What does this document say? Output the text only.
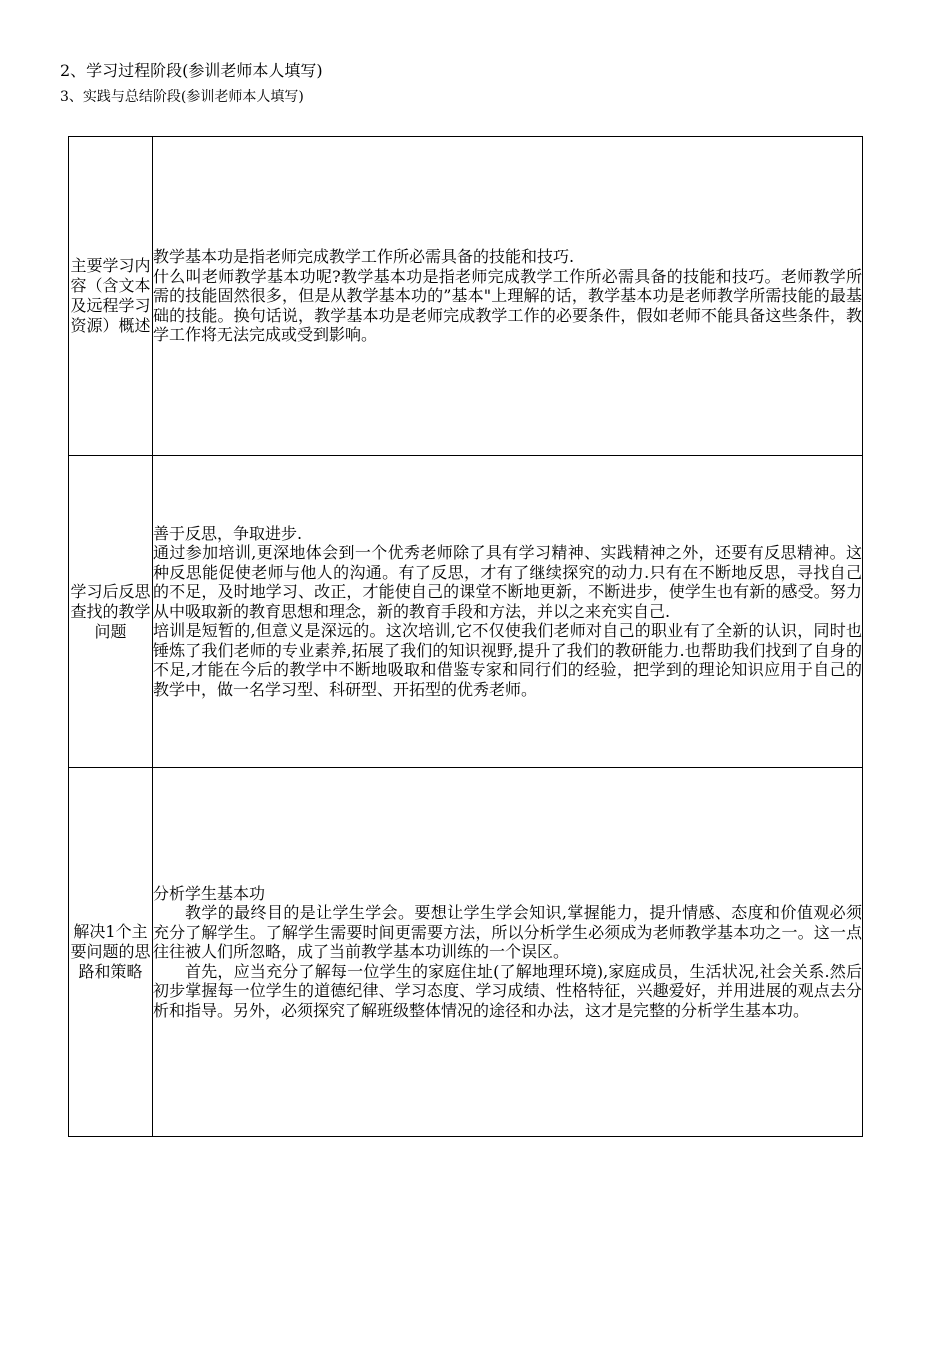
2、学习过程阶段(参训老师本人填写)
3、实践与总结阶段(参训老师本人填写)
主要学习内容（含文本及远程学习资源）概述	教学基本功是指老师完成教学工作所必需具备的技能和技巧.

什么叫老师教学基本功呢?教学基本功是指老师完成教学工作所必需具备的技能和技巧。老师教学所需的技能固然很多，但是从教学基本功的”基本"上理解的话，教学基本功是老师教学所需技能的最基础的技能。换句话说，教学基本功是老师完成教学工作的必要条件，假如老师不能具备这些条件，教学工作将无法完成或受到影响。

学习后反思查找的教学问题	善于反思，争取进步.

通过参加培训,更深地体会到一个优秀老师除了具有学习精神、实践精神之外，还要有反思精神。这种反思能促使老师与他人的沟通。有了反思，才有了继续探究的动力.只有在不断地反思，寻找自己的不足，及时地学习、改正，才能使自己的课堂不断地更新，不断进步，使学生也有新的感受。努力从中吸取新的教育思想和理念，新的教育手段和方法，并以之来充实自己.

培训是短暂的,但意义是深远的。这次培训,它不仅使我们老师对自己的职业有了全新的认识，同时也锤炼了我们老师的专业素养,拓展了我们的知识视野,提升了我们的教研能力.也帮助我们找到了自身的不足,才能在今后的教学中不断地吸取和借鉴专家和同行们的经验，把学到的理论知识应用于自己的教学中，做一名学习型、科研型、开拓型的优秀老师。

解决1个主要问题的思路和策略	分析学生基本功

教学的最终目的是让学生学会。要想让学生学会知识,掌握能力，提升情感、态度和价值观必须充分了解学生。了解学生需要时间更需要方法，所以分析学生必须成为老师教学基本功之一。这一点往往被人们所忽略，成了当前教学基本功训练的一个误区。

首先，应当充分了解每一位学生的家庭住址(了解地理环境),家庭成员，生活状况,社会关系.然后初步掌握每一位学生的道德纪律、学习态度、学习成绩、性格特征，兴趣爱好，并用进展的观点去分析和指导。另外，必须探究了解班级整体情况的途径和办法，这才是完整的分析学生基本功。
